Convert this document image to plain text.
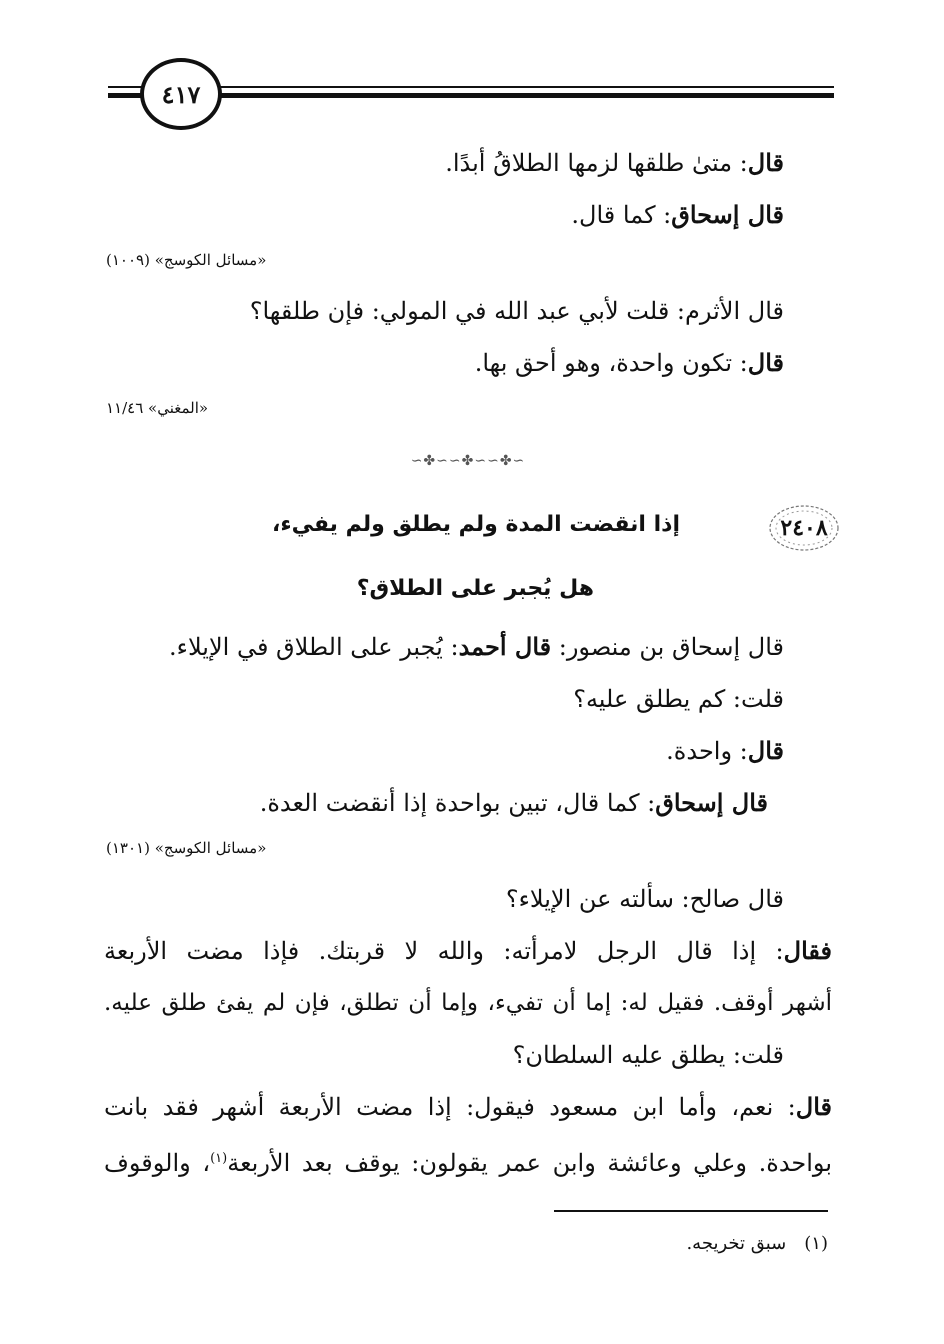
٤١٧
قال: متىٰ طلقها لزمها الطلاقُ أبدًا.
قال إسحاق: كما قال.
«مسائل الكوسج» (١٠٠٩)
قال الأثرم: قلت لأبي عبد الله في المولي: فإن طلقها؟
قال: تكون واحدة، وهو أحق بها.
«المغني» ١١/٤٦
∽✤∽∽✤∽∽✤∽
٢٤٠٨
إذا انقضت المدة ولم يطلق ولم يفيء،
هل يُجبر على الطلاق؟
قال إسحاق بن منصور: قال أحمد: يُجبر على الطلاق في الإيلاء.
قلت: كم يطلق عليه؟
قال: واحدة.
قال إسحاق: كما قال، تبين بواحدة إذا أنقضت العدة.
«مسائل الكوسج» (١٣٠١)
قال صالح: سألته عن الإيلاء؟
فقال: إذا قال الرجل لامرأته: والله لا قربتك. فإذا مضت الأربعة
أشهر أوقف. فقيل له: إما أن تفيء، وإما أن تطلق، فإن لم يفئ طلق عليه.
قلت: يطلق عليه السلطان؟
قال: نعم، وأما ابن مسعود فيقول: إذا مضت الأربعة أشهر فقد بانت
بواحدة. وعلي وعائشة وابن عمر يقولون: يوقف بعد الأربعة$^{(١)}$، والوقوف
(١)سبق تخريجه.
